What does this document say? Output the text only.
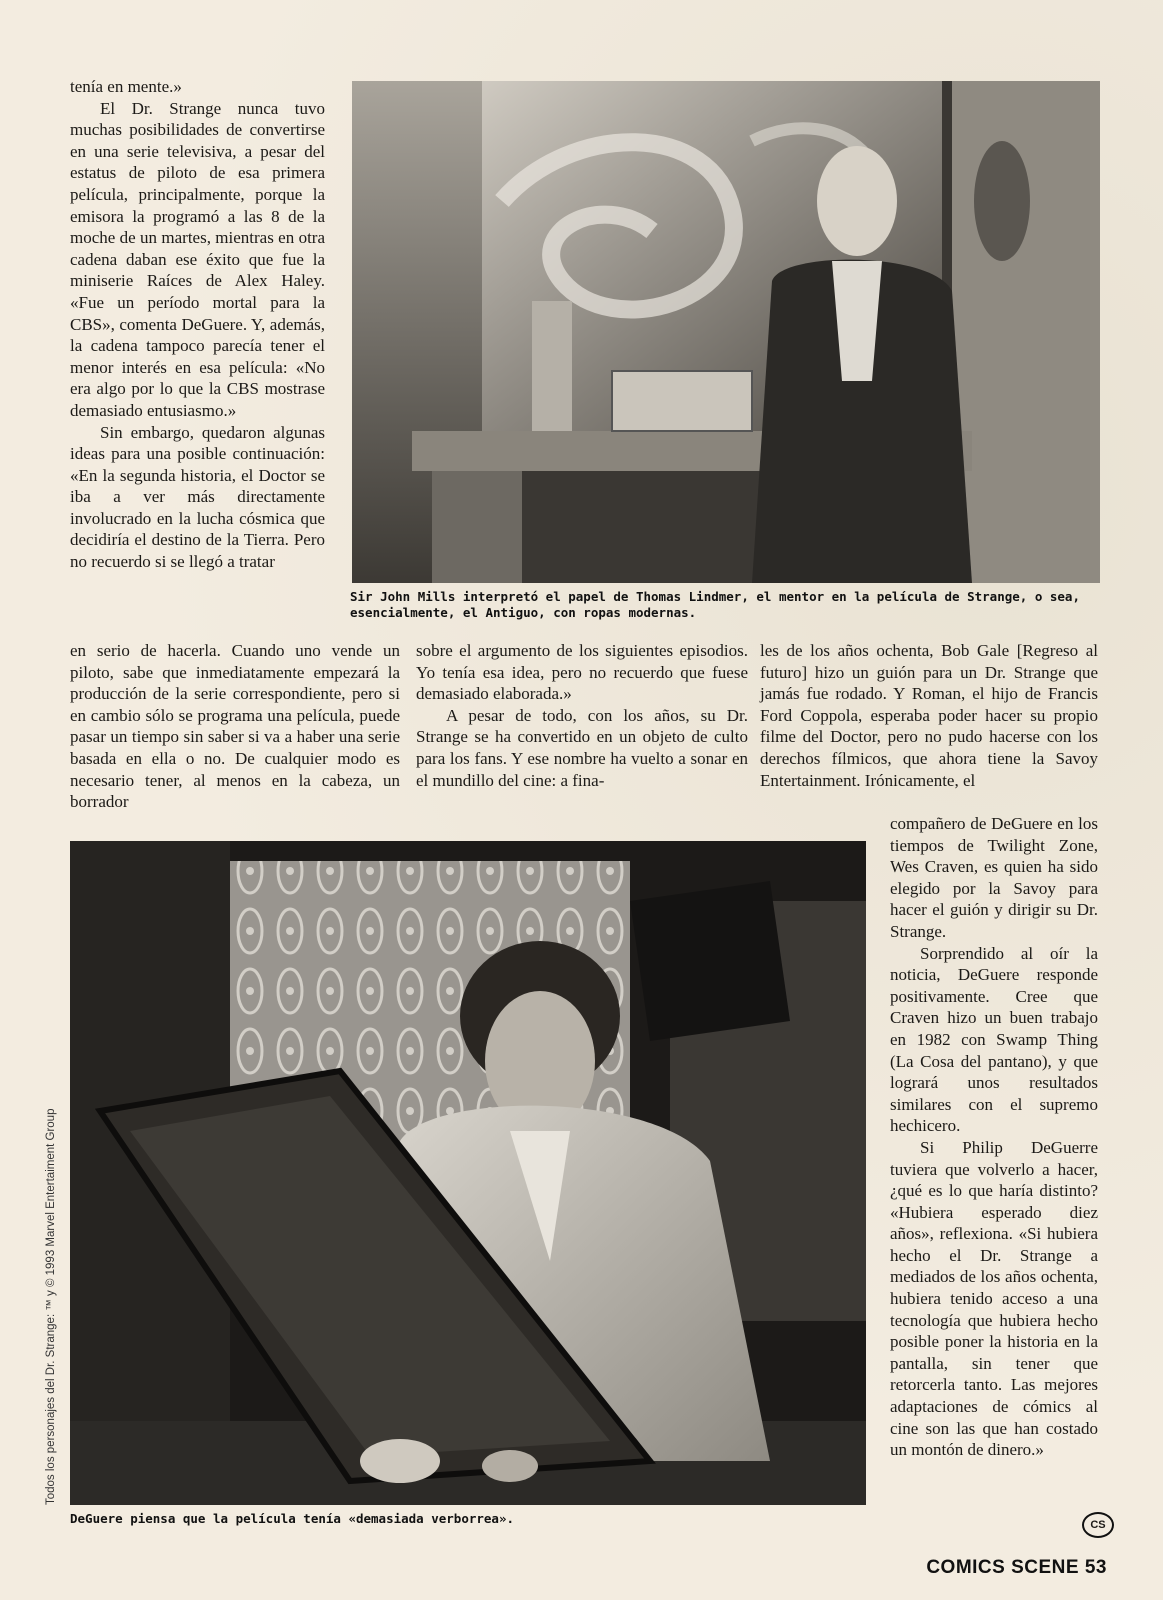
tenía en mente.»

El Dr. Strange nunca tuvo muchas posibilidades de convertirse en una serie televisiva, a pesar del estatus de piloto de esa primera película, principalmente, porque la emisora la programó a las 8 de la moche de un martes, mientras en otra cadena daban ese éxito que fue la miniserie Raíces de Alex Haley. «Fue un período mortal para la CBS», comenta DeGuere. Y, además, la cadena tampoco parecía tener el menor interés en esa película: «No era algo por lo que la CBS mostrase demasiado entusiasmo.»

Sin embargo, quedaron algunas ideas para una posible continuación: «En la segunda historia, el Doctor se iba a ver más directamente involucrado en la lucha cósmica que decidiría el destino de la Tierra. Pero no recuerdo si se llegó a tratar

en serio de hacerla. Cuando uno vende un piloto, sabe que inmediatamente empezará la producción de la serie correspondiente, pero si en cambio sólo se programa una película, puede pasar un tiempo sin saber si va a haber una serie basada en ella o no. De cualquier modo es necesario tener, al menos en la cabeza, un borrador

Sir John Mills interpretó el papel de Thomas Lindmer, el mentor en la película de Strange, o sea, esencialmente, el Antiguo, con ropas modernas.

sobre el argumento de los siguientes episodios. Yo tenía esa idea, pero no recuerdo que fuese demasiado elaborada.»

A pesar de todo, con los años, su Dr. Strange se ha convertido en un objeto de culto para los fans. Y ese nombre ha vuelto a sonar en el mundillo del cine: a fina-

les de los años ochenta, Bob Gale [Regreso al futuro] hizo un guión para un Dr. Strange que jamás fue rodado. Y Roman, el hijo de Francis Ford Coppola, esperaba poder hacer su propio filme del Doctor, pero no pudo hacerse con los derechos fílmicos, que ahora tiene la Savoy Entertainment. Irónicamente, el

compañero de DeGuere en los tiempos de Twilight Zone, Wes Craven, es quien ha sido elegido por la Savoy para hacer el guión y dirigir su Dr. Strange.

Sorprendido al oír la noticia, DeGuere responde positivamente. Cree que Craven hizo un buen trabajo en 1982 con Swamp Thing (La Cosa del pantano), y que logrará unos resultados similares con el supremo hechicero.

Si Philip DeGuerre tuviera que volverlo a hacer, ¿qué es lo que haría distinto? «Hubiera esperado diez años», reflexiona. «Si hubiera hecho el Dr. Strange a mediados de los años ochenta, hubiera tenido acceso a una tecnología que hubiera hecho posible poner la historia en la pantalla, sin tener que retorcerla tanto. Las mejores adaptaciones de cómics al cine son las que han costado un montón de dinero.»

DeGuere piensa que la película tenía «demasiada verborrea».
Todos los personajes del Dr. Strange: ™ y © 1993 Marvel Entertaiment Group
CS
COMICS SCENE 53
